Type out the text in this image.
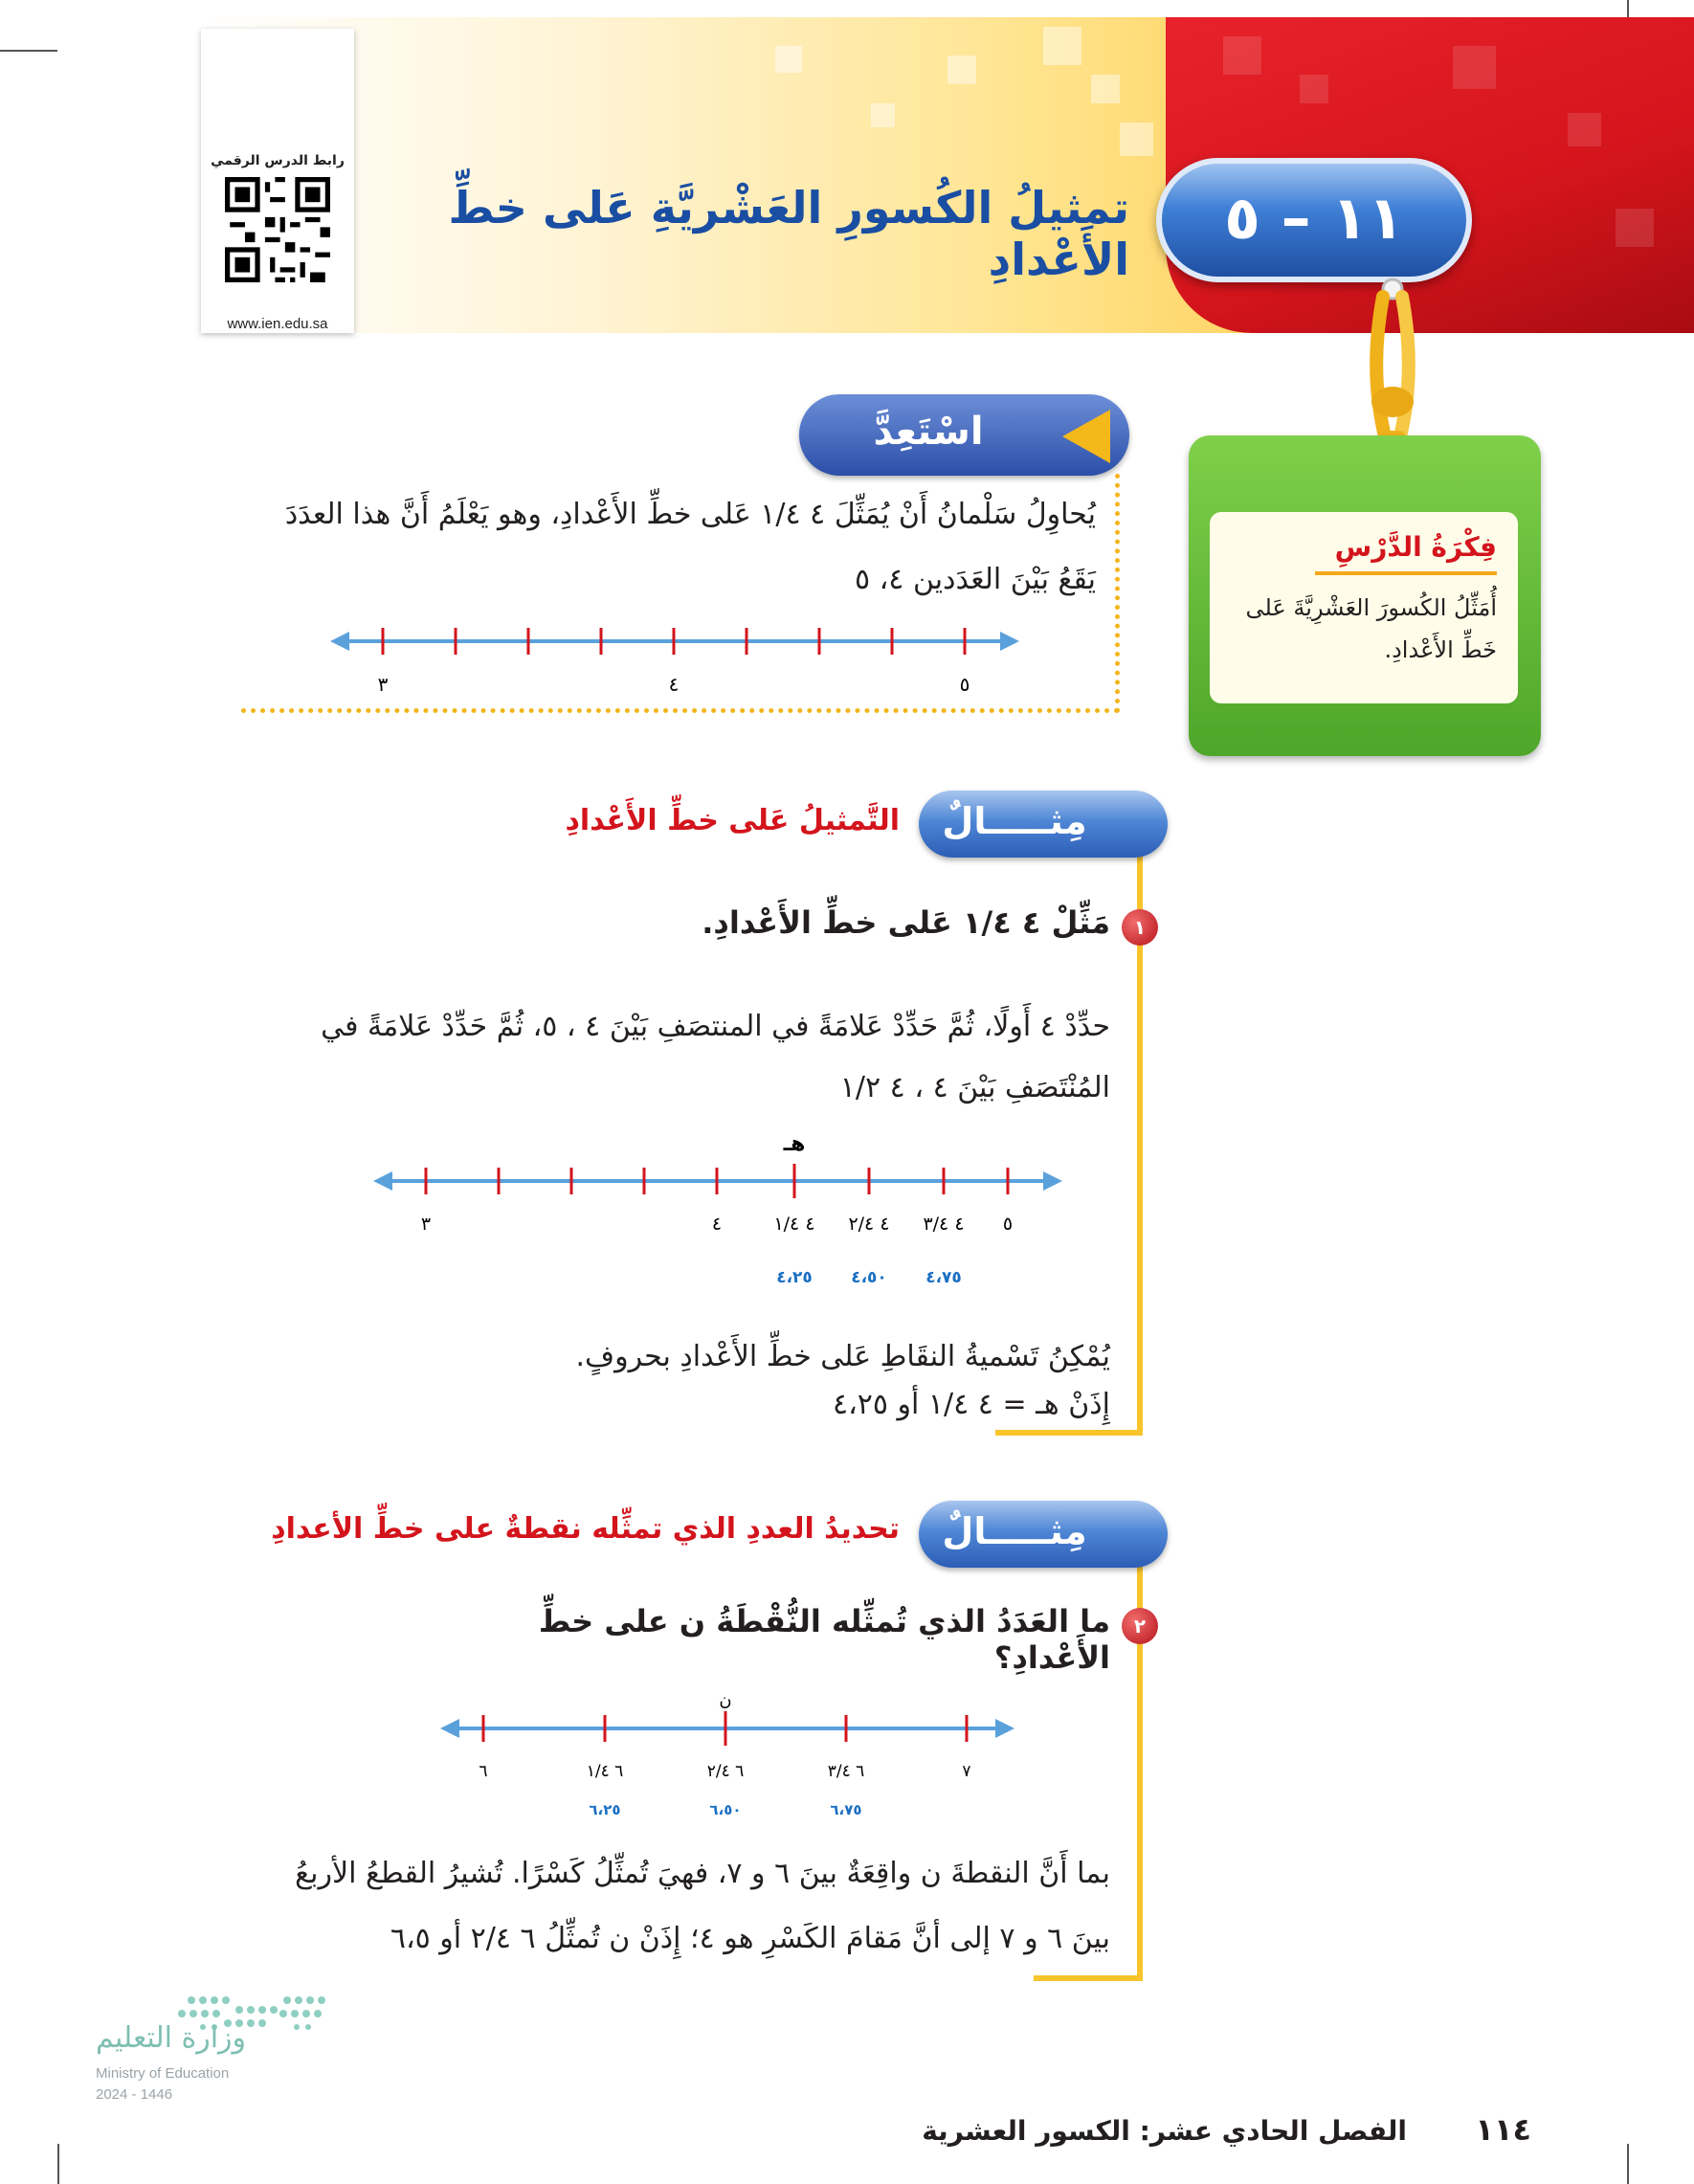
رابط الدرس الرقمي
www.ien.edu.sa
١١ – ٥
تمثيلُ الكُسورِ العَشْريَّةِ عَلى خطِّ الأَعْدادِ
فِكْرَةُ الدَّرْسِ
أُمَثِّلُ الكُسورَ العَشْرِيَّةَ عَلى خَطِّ الأَعْدادِ.
اسْتَعِدَّ
يُحاوِلُ سَلْمانُ أَنْ يُمَثِّلَ ٤ ١/٤ عَلى خطِّ الأَعْدادِ، وهو يَعْلَمُ أَنَّ هذا العدَدَ
يَقَعُ بَيْنَ العَدَدين ٤، ٥
٥
٤
٣
مِثـــــالٌ
التَّمثيلُ عَلى خطِّ الأَعْدادِ
١
مَثِّلْ ٤ ١/٤ عَلى خطِّ الأَعْدادِ.
حدِّدْ ٤ أَولًا، ثُمَّ حَدِّدْ عَلامَةً في المنتصَفِ بَيْنَ ٤ ، ٥، ثُمَّ حَدِّدْ عَلامَةً في
المُنْتَصَفِ بَيْنَ ٤ ، ٤ ١/٢
هـ
٣	٤	٤ ١/٤ ٤ ٢/٤ ٤ ٣/٤ ٥
٤،٢٥ ٤،٥٠ ٤،٧٥
يُمْكِنُ تَسْميةُ النقَاطِ عَلى خطِّ الأَعْدادِ بحروفٍ.
إِذَنْ هـ = ٤ ١/٤ أو ٤،٢٥
مِثـــــالٌ
تحديدُ العددِ الذي تمثِّله نقطةٌ على خطِّ الأعدادِ
٢
ما العَدَدُ الذي تُمثِّله النُّقْطَةُ ن على خطِّ الأَعْدادِ؟
ن
٦	٦ ١/٤	٦ ٢/٤	٦ ٣/٤	٧
٦،٢٥	٦،٥٠	٦،٧٥
بما أَنَّ النقطةَ ن واقِعَةٌ بينَ ٦ و ٧، فهيَ تُمثِّلُ كَسْرًا. تُشيرُ القطعُ الأربعُ
بينَ ٦ و ٧ إلى أنَّ مَقامَ الكَسْرِ هو ٤؛ إِذَنْ ن تُمثِّلُ ٦ ٢/٤ أو ٦،٥
وزارة التعليم
Ministry of Education
2024 - 1446
الفصل الحادي عشر: الكسور العشرية	١١٤
